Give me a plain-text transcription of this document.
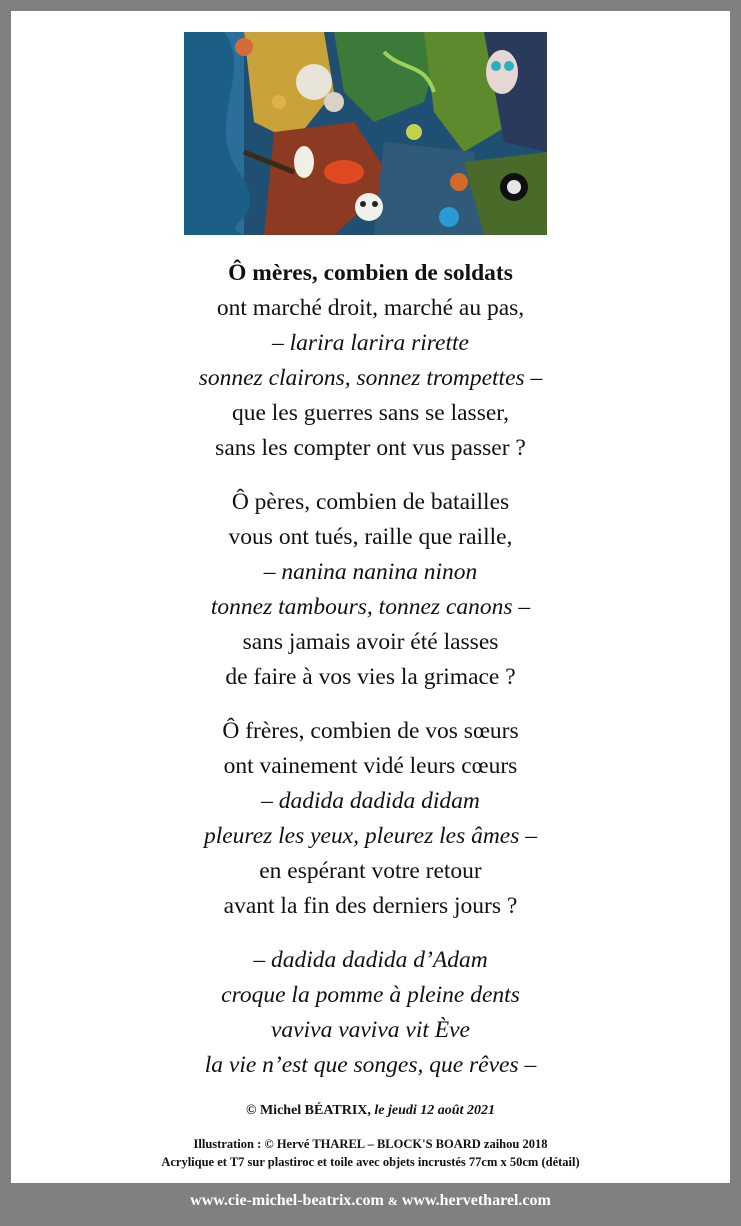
Ô mères, combien de soldats
ont marché droit, marché au pas,
– larira larira rirette
sonnez clairons, sonnez trompettes –
que les guerres sans se lasser,
sans les compter ont vus passer ?
Ô pères, combien de batailles
vous ont tués, raille que raille,
– nanina nanina ninon
tonnez tambours, tonnez canons –
sans jamais avoir été lasses
de faire à vos vies la grimace ?
Ô frères, combien de vos sœurs
ont vainement vidé leurs cœurs
– dadida dadida didam
pleurez les yeux, pleurez les âmes –
en espérant votre retour
avant la fin des derniers jours ?
– dadida dadida d’Adam
croque la pomme à pleine dents
vaviva vaviva vit Ève
la vie n’est que songes, que rêves –
© Michel BÉATRIX, le jeudi 12 août 2021
Illustration : © Hervé THAREL – BLOCK'S BOARD zaihou 2018
Acrylique et T7 sur plastiroc et toile avec objets incrustés 77cm x 50cm (détail)
www.cie-michel-beatrix.com & www.hervetharel.com
